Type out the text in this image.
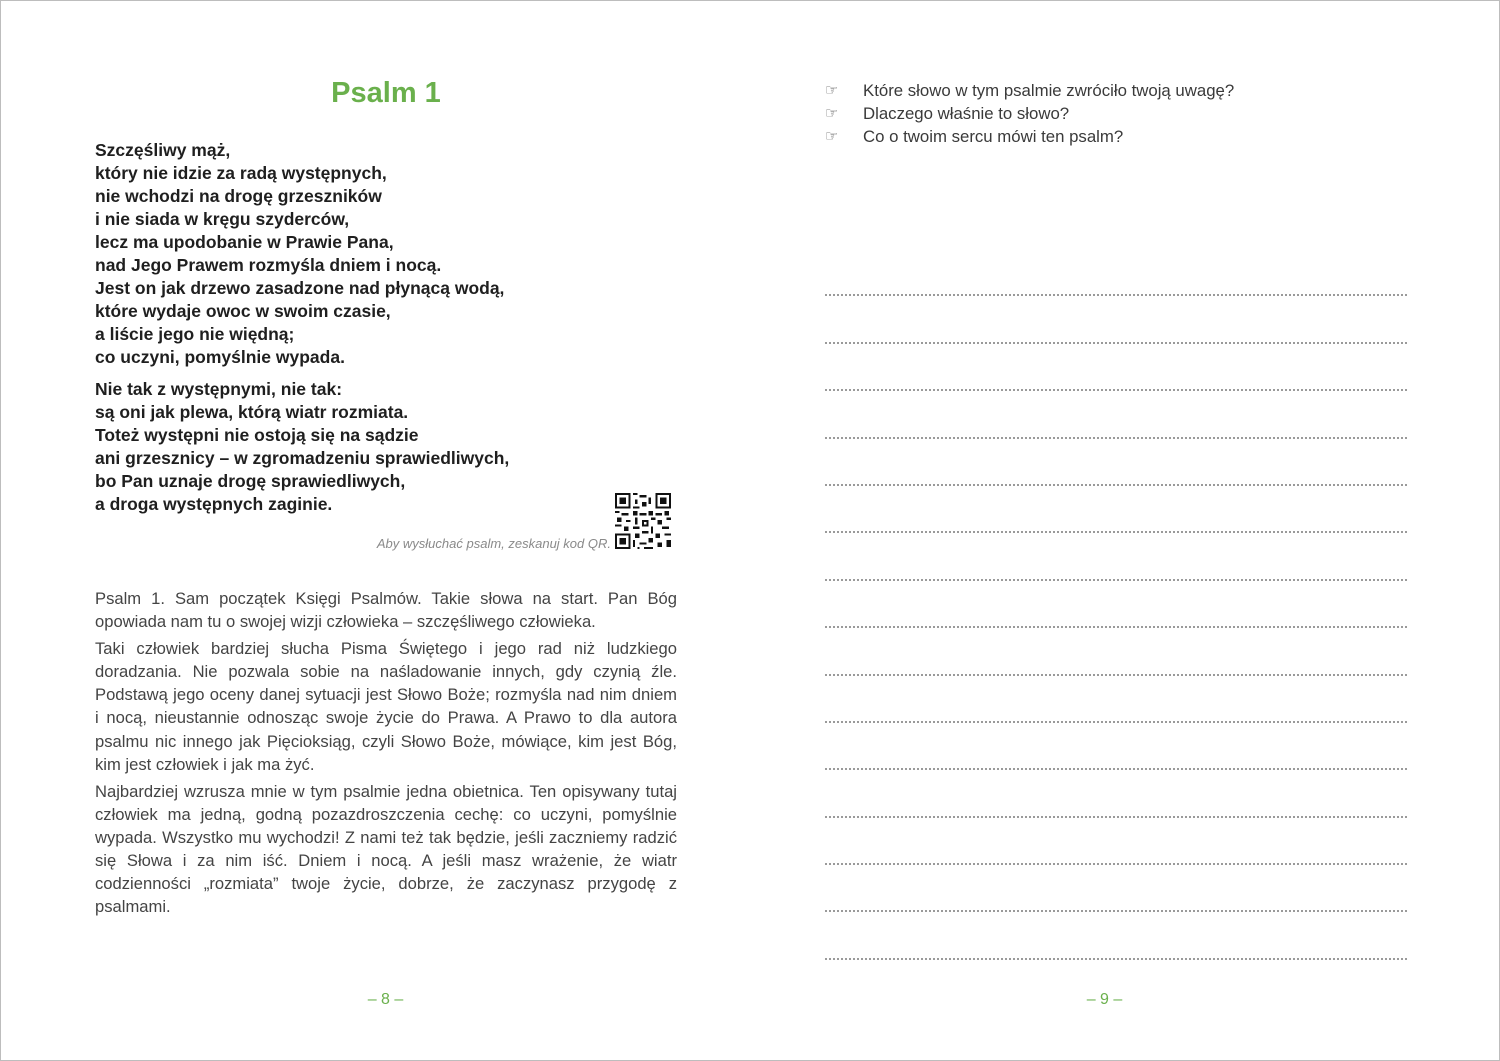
Psalm 1
Szczęśliwy mąż,
który nie idzie za radą występnych,
nie wchodzi na drogę grzeszników
i nie siada w kręgu szyderców,
lecz ma upodobanie w Prawie Pana,
nad Jego Prawem rozmyśla dniem i nocą.
Jest on jak drzewo zasadzone nad płynącą wodą,
które wydaje owoc w swoim czasie,
a liście jego nie więdną;
co uczyni, pomyślnie wypada.
Nie tak z występnymi, nie tak:
są oni jak plewa, którą wiatr rozmiata.
Toteż występni nie ostoją się na sądzie
ani grzesznicy – w zgromadzeniu sprawiedliwych,
bo Pan uznaje drogę sprawiedliwych,
a droga występnych zaginie.
Aby wysłuchać psalm, zeskanuj kod QR.

Psalm 1. Sam początek Księgi Psalmów. Takie słowa na start. Pan Bóg opowiada nam tu o swojej wizji człowieka – szczęśliwego człowieka.

Taki człowiek bardziej słucha Pisma Świętego i jego rad niż ludzkiego doradzania. Nie pozwala sobie na naśladowanie innych, gdy czynią źle. Podstawą jego oceny danej sytuacji jest Słowo Boże; rozmyśla nad nim dniem i nocą, nieustannie odnosząc swoje życie do Prawa. A Prawo to dla autora psalmu nic innego jak Pięcioksiąg, czyli Słowo Boże, mówiące, kim jest Bóg, kim jest człowiek i jak ma żyć.

Najbardziej wzrusza mnie w tym psalmie jedna obietnica. Ten opisywany tutaj człowiek ma jedną, godną pozazdroszczenia cechę: co uczyni, pomyślnie wypada. Wszystko mu wychodzi! Z nami też tak będzie, jeśli zaczniemy radzić się Słowa i za nim iść. Dniem i nocą. A jeśli masz wrażenie, że wiatr codzienności „rozmiata” twoje życie, dobrze, że zaczynasz przygodę z psalmami.

– 8 –
☞	Które słowo w tym psalmie zwróciło twoją uwagę?
☞	Dlaczego właśnie to słowo?
☞	Co o twoim sercu mówi ten psalm?
– 9 –
